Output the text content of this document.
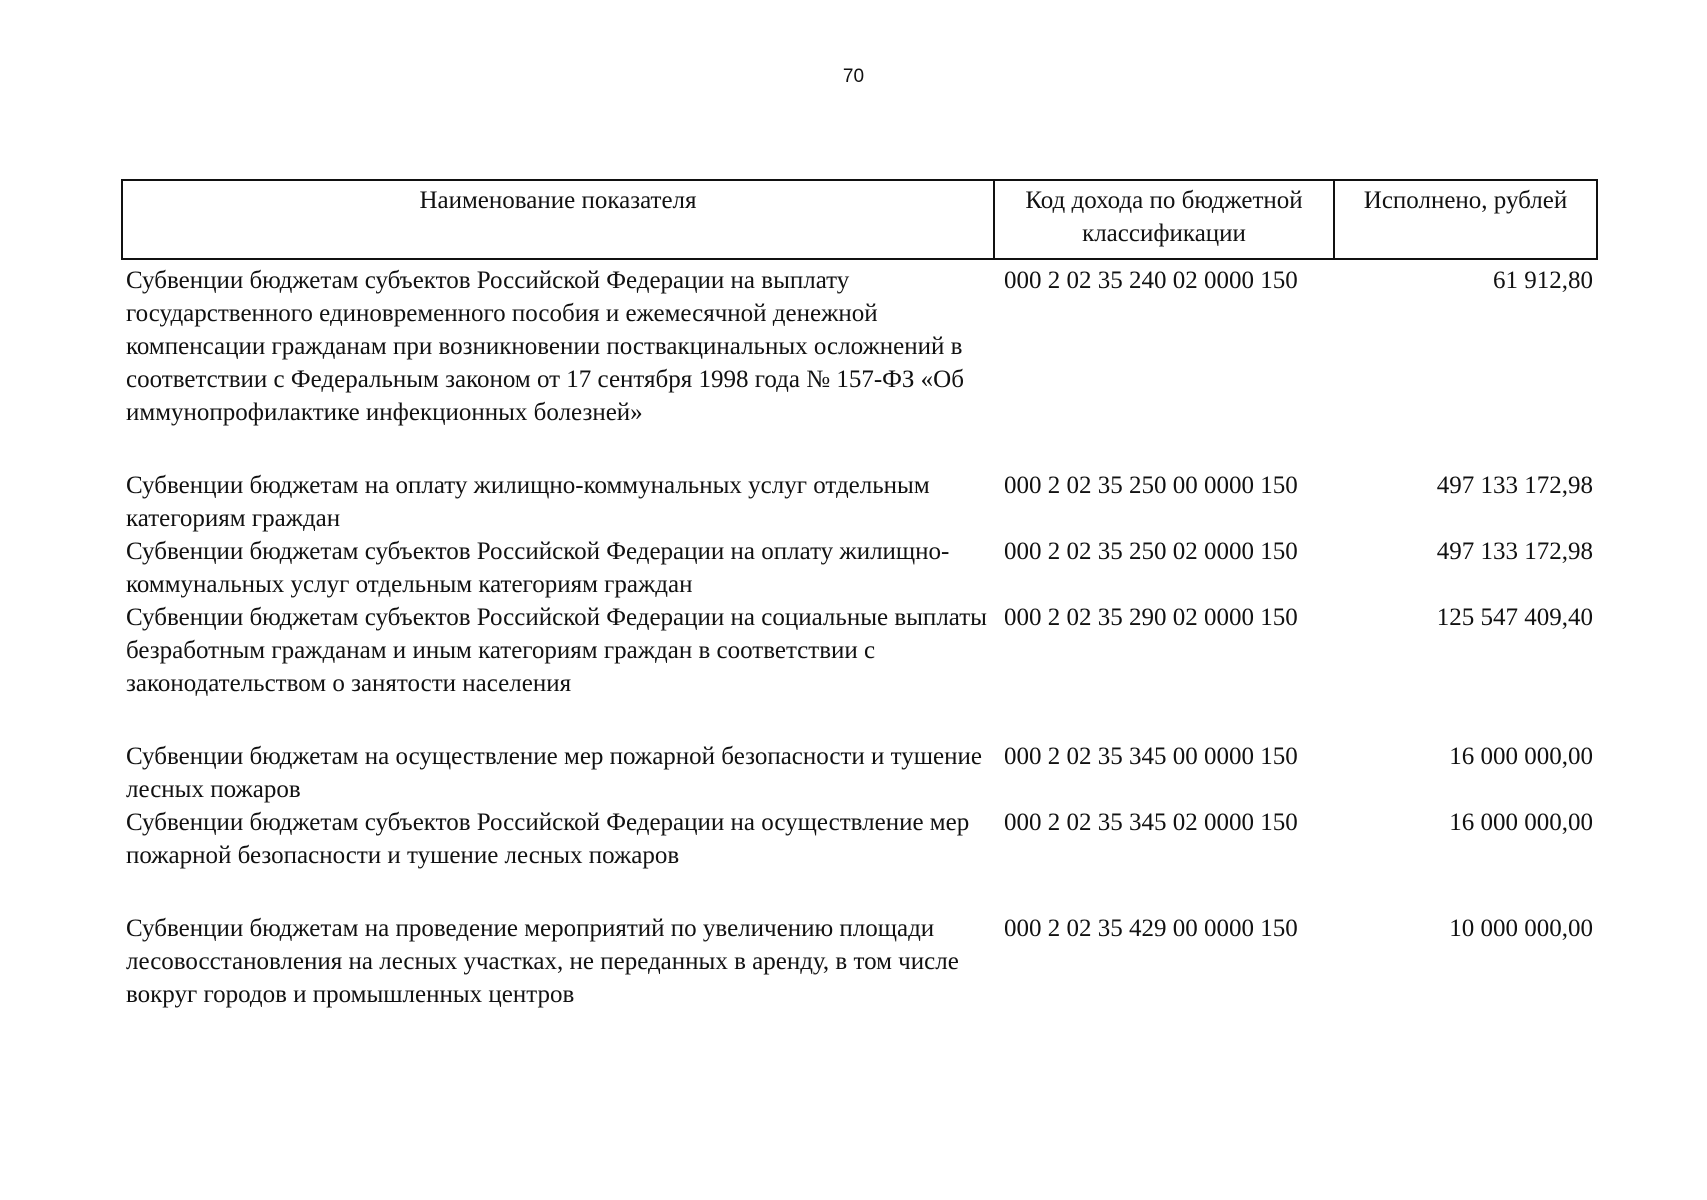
70
Наименование показателя	Код дохода по бюджетной классификации	Исполнено, рублей
Субвенции бюджетам субъектов Российской Федерации на выплату государственного единовременного пособия и ежемесячной денежной компенсации гражданам при возникновении поствакцинальных осложнений в соответствии с Федеральным законом от 17 сентября 1998 года № 157-ФЗ «Об иммунопрофилактике инфекционных болезней»	000 2 02 35 240 02 0000 150	61 912,80
Субвенции бюджетам на оплату жилищно-коммунальных услуг отдельным категориям граждан	000 2 02 35 250 00 0000 150	497 133 172,98
Субвенции бюджетам субъектов Российской Федерации на оплату жилищно-коммунальных услуг отдельным категориям граждан	000 2 02 35 250 02 0000 150	497 133 172,98
Субвенции бюджетам субъектов Российской Федерации на социальные выплаты безработным гражданам и иным категориям граждан в соответствии с законодательством о занятости населения	000 2 02 35 290 02 0000 150	125 547 409,40
Субвенции бюджетам на осуществление мер пожарной безопасности и тушение лесных пожаров	000 2 02 35 345 00 0000 150	16 000 000,00
Субвенции бюджетам субъектов Российской Федерации на осуществление мер пожарной безопасности и тушение лесных пожаров	000 2 02 35 345 02 0000 150	16 000 000,00
Субвенции бюджетам на проведение мероприятий по увеличению площади лесовосстановления на лесных участках, не переданных в аренду, в том числе вокруг городов и промышленных центров	000 2 02 35 429 00 0000 150	10 000 000,00
